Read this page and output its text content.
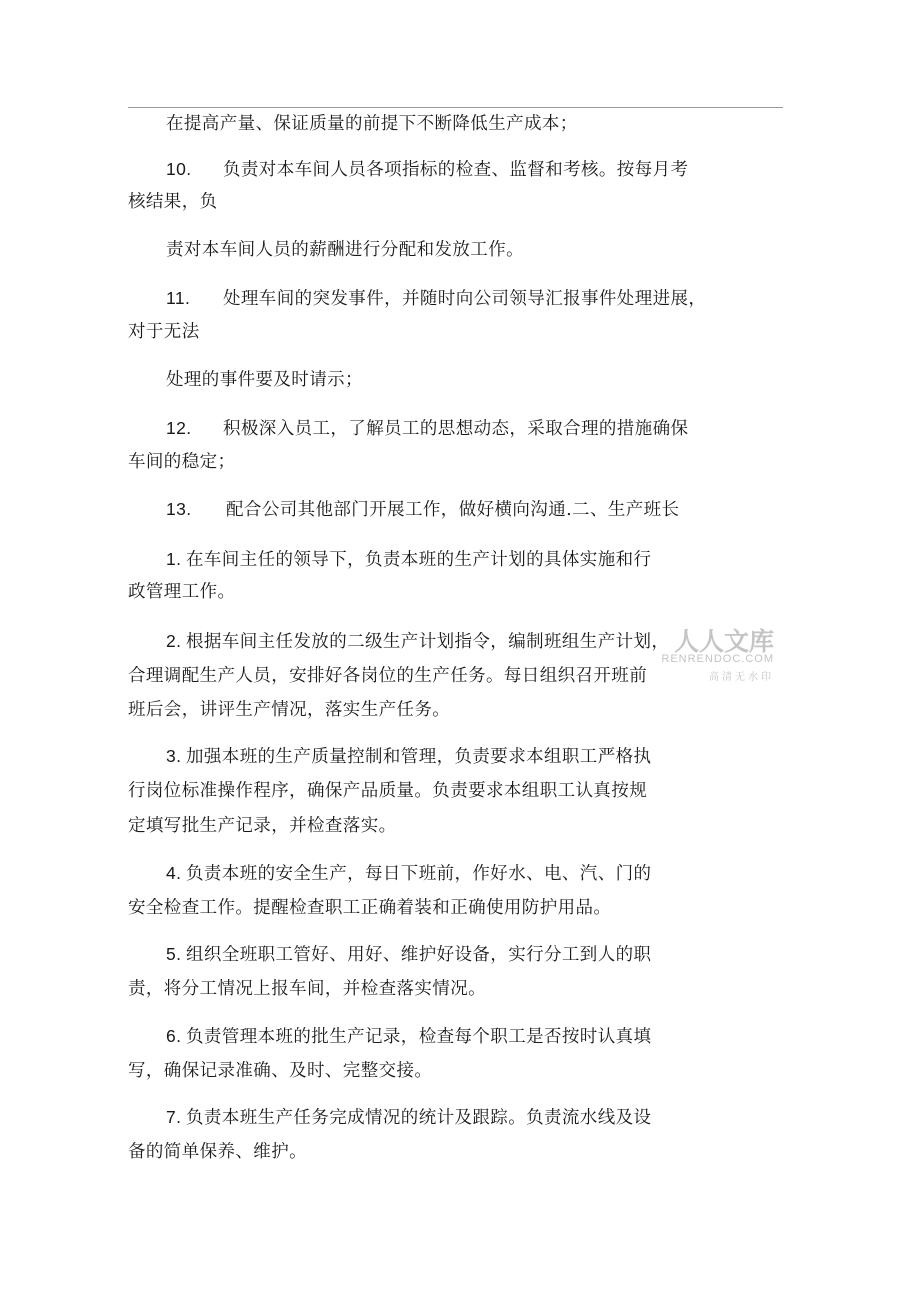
在提高产量、保证质量的前提下不断降低生产成本；
10. 负责对本车间人员各项指标的检查、监督和考核。按每月考
核结果，负
责对本车间人员的薪酬进行分配和发放工作。
11. 处理车间的突发事件，并随时向公司领导汇报事件处理进展，
对于无法
处理的事件要及时请示；
12. 积极深入员工，了解员工的思想动态，采取合理的措施确保
车间的稳定；
13. 配合公司其他部门开展工作，做好横向沟通.二、生产班长
1. 在车间主任的领导下，负责本班的生产计划的具体实施和行
政管理工作。
2. 根据车间主任发放的二级生产计划指令，编制班组生产计划，
合理调配生产人员，安排好各岗位的生产任务。每日组织召开班前
班后会，讲评生产情况，落实生产任务。
3. 加强本班的生产质量控制和管理，负责要求本组职工严格执
行岗位标准操作程序，确保产品质量。负责要求本组职工认真按规
定填写批生产记录，并检查落实。
4. 负责本班的安全生产，每日下班前，作好水、电、汽、门的
安全检查工作。提醒检查职工正确着装和正确使用防护用品。
5. 组织全班职工管好、用好、维护好设备，实行分工到人的职
责，将分工情况上报车间，并检查落实情况。
6. 负责管理本班的批生产记录，检查每个职工是否按时认真填
写，确保记录准确、及时、完整交接。
7. 负责本班生产任务完成情况的统计及跟踪。负责流水线及设
备的简单保养、维护。
人人文库
RENRENDOC.COM
高清无水印
